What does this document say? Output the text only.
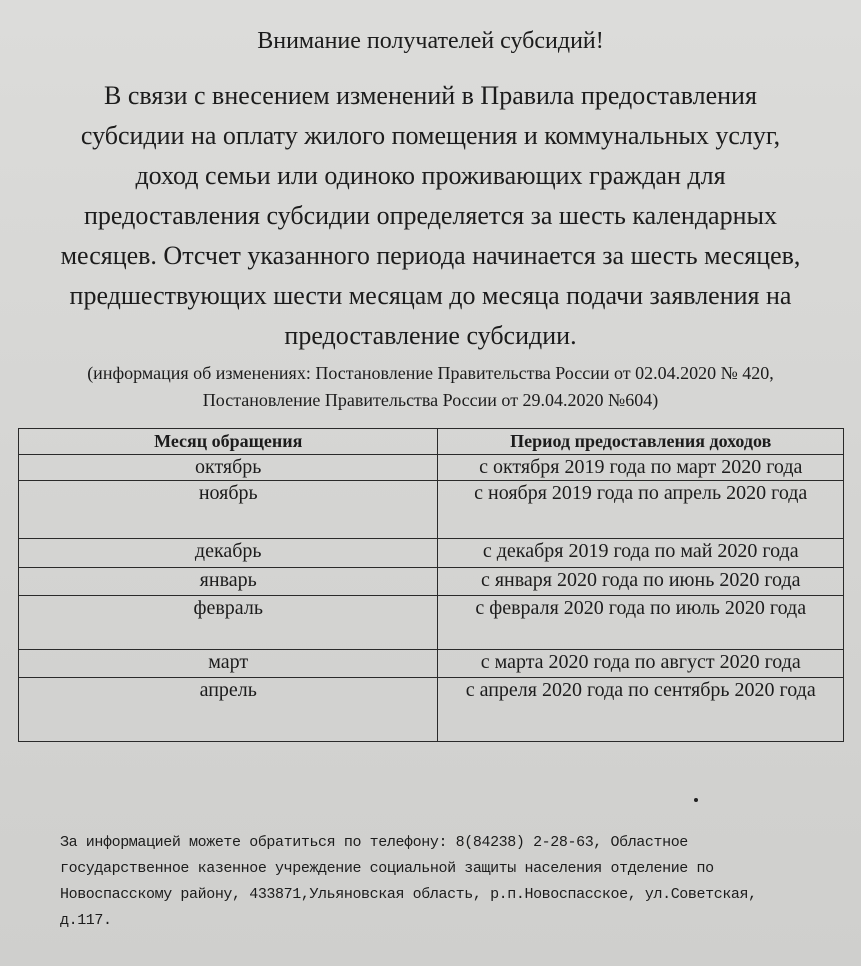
Внимание получателей субсидий!
В связи с внесением изменений в Правила предоставления
субсидии на оплату жилого помещения и коммунальных услуг,
доход семьи или одиноко проживающих граждан для
предоставления субсидии определяется за шесть календарных
месяцев. Отсчет указанного периода начинается за шесть месяцев,
предшествующих шести месяцам до месяца подачи заявления на
предоставление субсидии.
(информация об изменениях: Постановление Правительства России от 02.04.2020 № 420,
Постановление Правительства России от 29.04.2020 №604)
Месяц обращения	Период предоставления доходов
октябрь	с октября 2019 года по март 2020 года
ноябрь	с ноября 2019 года по апрель 2020 года
декабрь	с декабря 2019 года по май 2020 года
январь	с января 2020 года по июнь 2020 года
февраль	с февраля 2020 года по июль 2020 года
март	с марта 2020 года по август 2020 года
апрель	с апреля 2020 года по сентябрь 2020 года
За информацией можете обратиться по телефону: 8(84238) 2-28-63, Областное
государственное казенное учреждение социальной защиты населения отделение по
Новоспасскому району, 433871,Ульяновская область, р.п.Новоспасское, ул.Советская,
д.117.
